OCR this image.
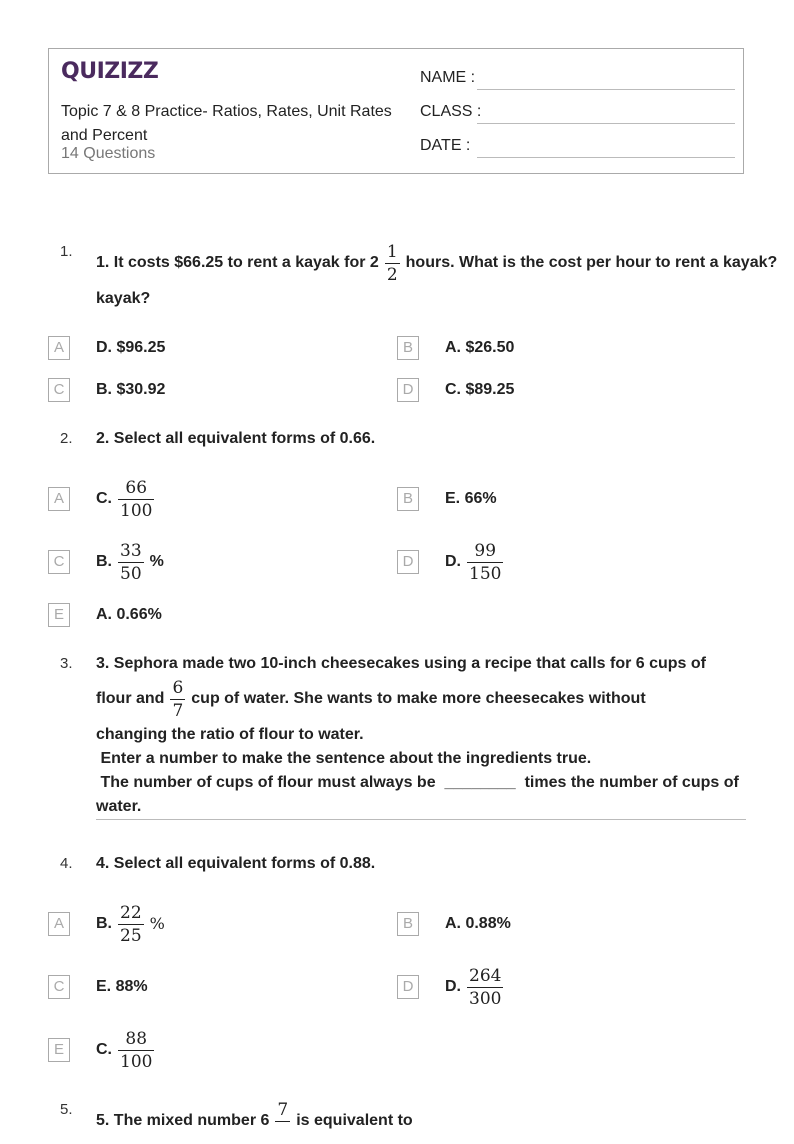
QUIZIZZ
Topic 7 & 8 Practice- Ratios, Rates, Unit Rates and Percent
14 Questions
NAME :
CLASS :
DATE :
1.
1. It costs $66.25 to rent a kayak for $2 \frac{1}{2}$ hours. What is the cost per hour to rent a kayak?
kayak?
A	D. $96.25	B	A. $26.50
C	B. $30.92	D	C. $89.25
2. 2. Select all equivalent forms of 0.66.
A	C. $\frac{66}{100}$	B	E. 66%
C	B. $\frac{33}{50}$ %	D	D. $\frac{99}{150}$
E	A. 0.66%
3. 3. Sephora made two 10-inch cheesecakes using a recipe that calls for 6 cups of
flour and $\frac{6}{7}$ cup of water. She wants to make more cheesecakes without
changing the ratio of flour to water.
Enter a number to make the sentence about the ingredients true.
The number of cups of flour must always be  ________  times the number of cups of
water.
4. 4. Select all equivalent forms of 0.88.
A	B. $\frac{22}{25}$ %	B	A. 0.88%
C	E. 88%	D	D. $\frac{264}{300}$
E	C. $\frac{88}{100}$
5.
5. The mixed number 6
7

is equivalent to
